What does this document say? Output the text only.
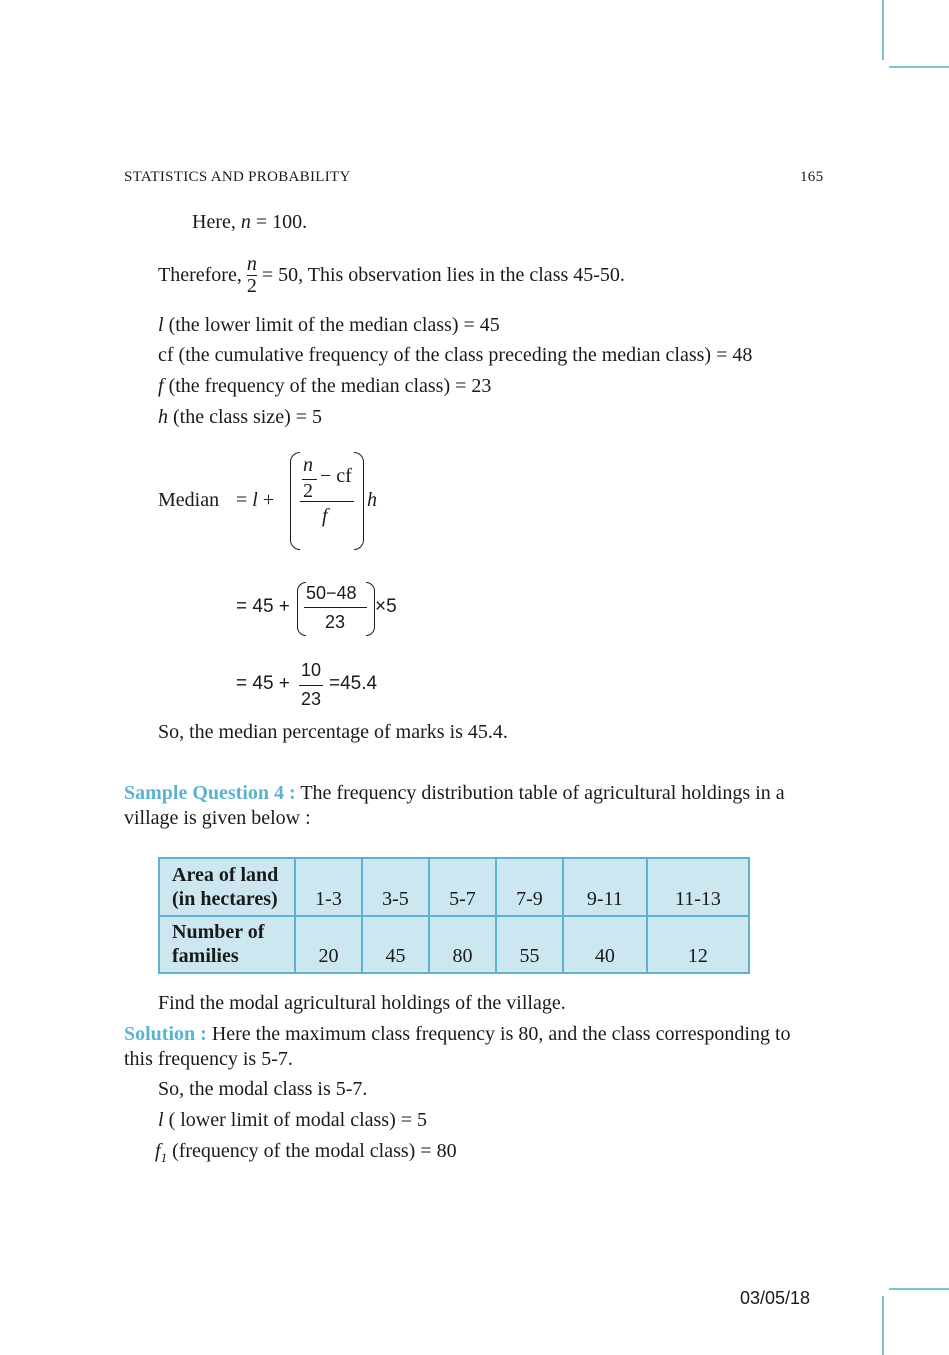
STATISTICS AND PROBABILITY	165
Here, n = 100.
Therefore, $\frac{n}{2} = 50$, This observation lies in the class 45-50.
l (the lower limit of the median class) = 45
cf (the cumulative frequency of the class preceding the median class) = 48
f (the frequency of the median class) = 23
h (the class size) = 5
Median = l +
n
2
− cf
f
h
= 45 +
50−48
23
×5
= 45 +
10
23
=45.4
So, the median percentage of marks is 45.4.
Sample Question 4 : The frequency distribution table of agricultural holdings in a
village is given below :
Area of land
(in hectares)	1-3	3-5	5-7	7-9	9-11	11-13

Number of
families	20	45	80	55	40	12
Find the modal agricultural holdings of the village.
Solution : Here the maximum class frequency is 80, and the class corresponding to
this frequency is 5-7.
So, the modal class is 5-7.
l ( lower limit of modal class) = 5
$f_1$ (frequency of the modal class) = 80
03/05/18
